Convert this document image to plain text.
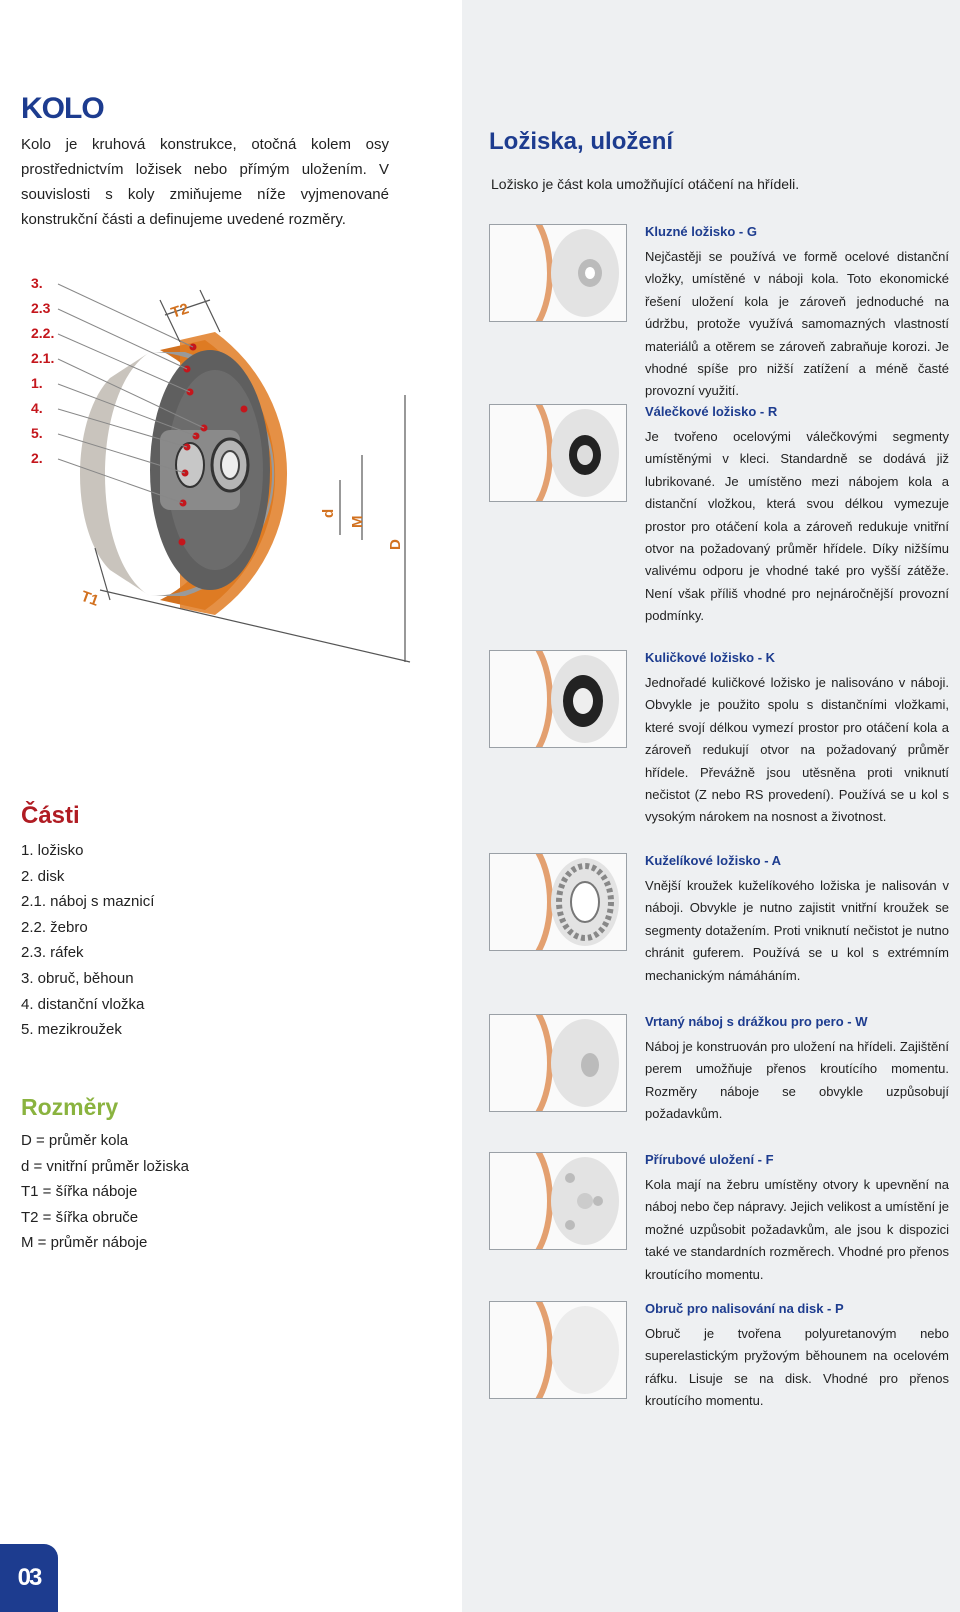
KOLO

Kolo je kruhová konstrukce, otočná kolem osy prostřednictvím ložisek nebo přímým uložením. V souvislosti s koly zmiňujeme níže vyjmenované konstrukční části a definujeme uvedené rozměry.

3.
2.3
2.2.
2.1.
1.
4.
5.
2.
T2
T1
d
M
D
Části
1. ložisko
2. disk
2.1. náboj s maznicí
2.2. žebro
2.3. ráfek
3. obruč, běhoun
4. distanční vložka
5. mezikroužek
Rozměry
D = průměr kola
d = vnitřní průměr ložiska
T1 = šířka náboje
T2 = šířka obruče
M = průměr náboje
03
Ložiska, uložení
Ložisko je část kola umožňující otáčení na hřídeli.
Kluzné ložisko - G

Nejčastěji se používá ve formě ocelové distanční vložky, umístěné v náboji kola. Toto ekonomické řešení uložení kola je zároveň jednoduché na údržbu, protože využívá samomazných vlastností materiálů a otěrem se zároveň zabraňuje korozi. Je vhodné spíše pro nižší zatížení a méně časté provozní využití.

Válečkové ložisko - R

Je tvořeno ocelovými válečkovými segmenty umístěnými v kleci. Standardně se dodává již lubrikované. Je umístěno mezi nábojem kola a distanční vložkou, která svou délkou vymezuje prostor pro otáčení kola a zároveň redukuje vnitřní otvor na požadovaný průměr hřídele. Díky nižšímu valivému odporu je vhodné také pro vyšší zátěže. Není však příliš vhodné pro nejnáročnější provozní podmínky.

Kuličkové ložisko - K

Jednořadé kuličkové ložisko je nalisováno v náboji. Obvykle je použito spolu s distančními vložkami, které svojí délkou vymezí prostor pro otáčení kola a zároveň redukují otvor na požadovaný průměr hřídele. Převážně jsou utěsněna proti vniknutí nečistot (Z nebo RS provedení). Používá se u kol s vysokým nárokem na nosnost a životnost.

Kuželíkové ložisko - A

Vnější kroužek kuželíkového ložiska je nalisován v náboji. Obvykle je nutno zajistit vnitřní kroužek se segmenty dotažením. Proti vniknutí nečistot je nutno chránit guferem. Používá se u kol s extrémním mechanickým námáháním.

Vrtaný náboj s drážkou pro pero - W

Náboj je konstruován pro uložení na hřídeli. Zajištění perem umožňuje přenos kroutícího momentu. Rozměry náboje se obvykle uzpůsobují požadavkům.

Přírubové uložení - F

Kola mají na žebru umístěny otvory k upevnění na náboj nebo čep nápravy. Jejich velikost a umístění je možné uzpůsobit požadavkům, ale jsou k dispozici také ve standardních rozměrech. Vhodné pro přenos kroutícího momentu.

Obruč pro nalisování na disk - P

Obruč je tvořena polyuretanovým nebo superelastickým pryžovým běhounem na ocelovém ráfku. Lisuje se na disk. Vhodné pro přenos kroutícího momentu.
